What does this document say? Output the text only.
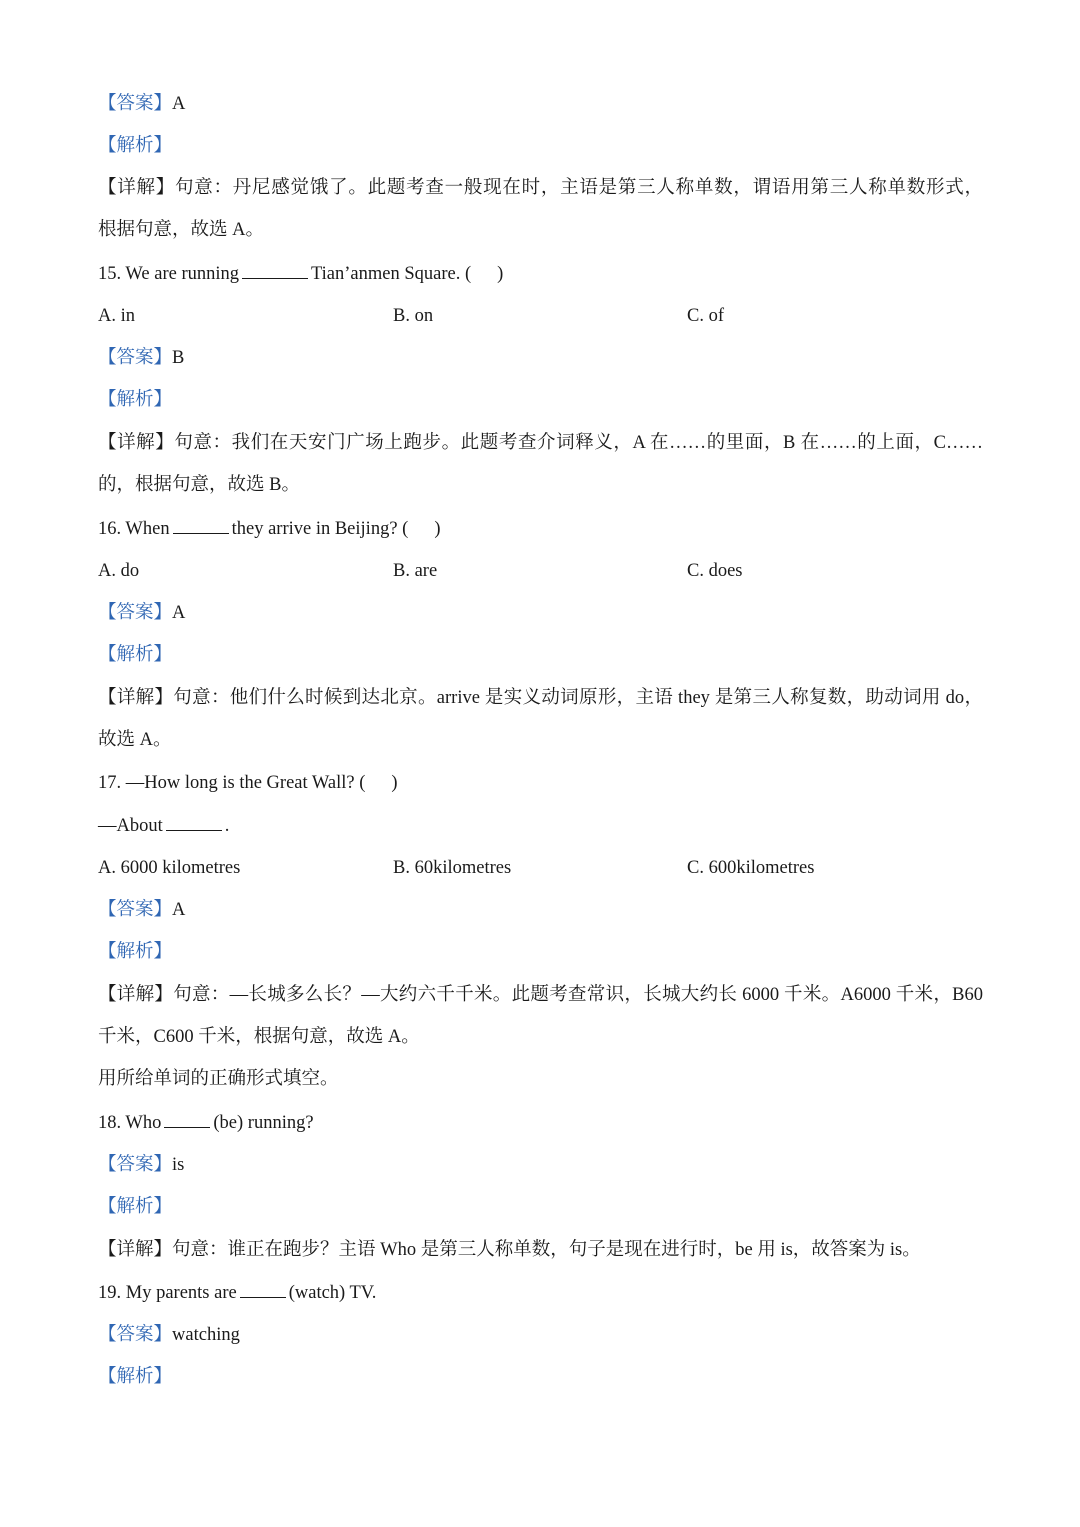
【答案】A
【解析】
【详解】句意：丹尼感觉饿了。此题考查一般现在时，主语是第三人称单数，谓语用第三人称单数形式，
根据句意，故选 A。
15. We are running	Tian’anmen Square. ( )
A. in	B. on	C. of
【答案】B
【解析】
【详解】句意：我们在天安门广场上跑步。此题考查介词释义，A 在……的里面，B 在……的上面，C……
的，根据句意，故选 B。
16. When	they arrive in Beijing? ( )
A. do	B. are	C. does
【答案】A
【解析】
【详解】句意：他们什么时候到达北京。arrive 是实义动词原形，主语 they 是第三人称复数，助动词用 do，
故选 A。
17. —How long is the Great Wall? ( )
—About	.
A. 6000 kilometres	B. 60kilometres	C. 600kilometres
【答案】A
【解析】
【详解】句意：—长城多么长？—大约六千千米。此题考查常识，长城大约长 6000 千米。A6000 千米，B60
千米，C600 千米，根据句意，故选 A。
用所给单词的正确形式填空。
18. Who	(be) running?
【答案】is
【解析】
【详解】句意：谁正在跑步？主语 Who 是第三人称单数，句子是现在进行时，be 用 is，故答案为 is。
19. My parents are	(watch) TV.
【答案】watching
【解析】
